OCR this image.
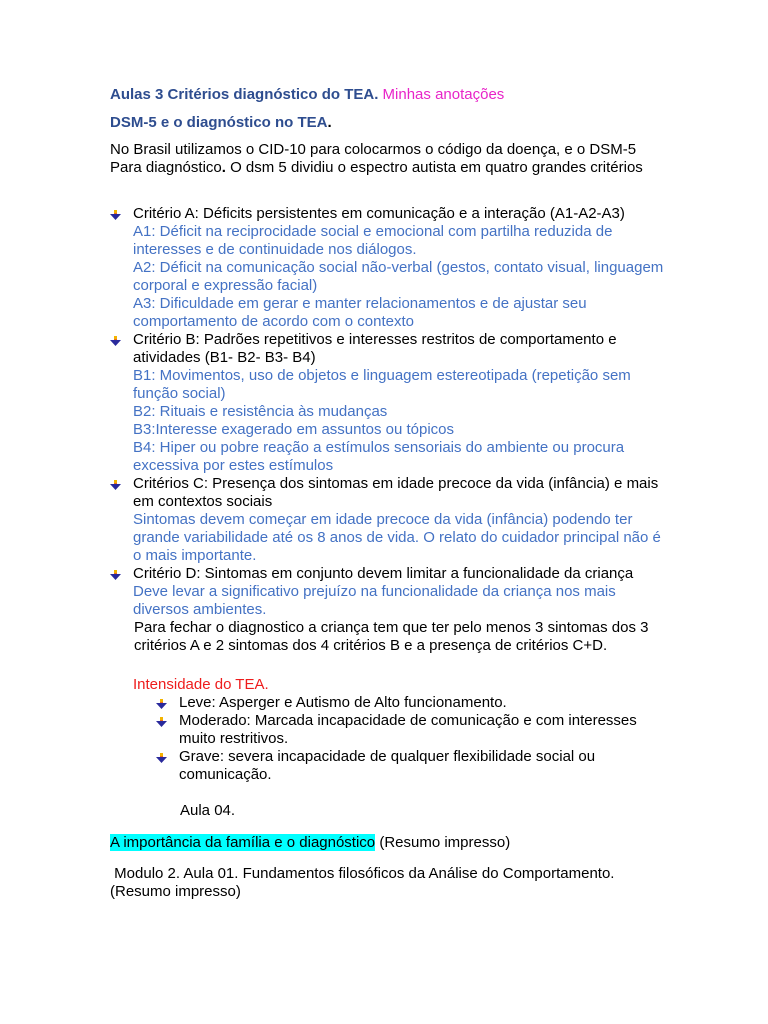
Aulas 3 Critérios diagnóstico do TEA. Minhas anotações
DSM-5 e o diagnóstico no TEA.
No Brasil utilizamos o CID-10 para colocarmos o código da doença, e o DSM-5 Para diagnóstico. O dsm 5 dividiu o espectro autista em quatro grandes critérios
Critério A: Déficits persistentes em comunicação e a interação (A1-A2-A3)
A1: Déficit na reciprocidade social e emocional com partilha reduzida de interesses e de continuidade nos diálogos.
A2: Déficit na comunicação social não-verbal (gestos, contato visual, linguagem corporal e expressão facial)
A3: Dificuldade em gerar e manter relacionamentos e de ajustar seu comportamento de acordo com o contexto
Critério B: Padrões repetitivos e interesses restritos de comportamento e atividades (B1- B2- B3- B4)
B1: Movimentos, uso de objetos e linguagem estereotipada (repetição sem função social)
B2: Rituais e resistência às mudanças
B3:Interesse exagerado em assuntos ou tópicos
B4: Hiper ou pobre reação a estímulos sensoriais do ambiente ou procura excessiva por estes estímulos
Critérios C: Presença dos sintomas em idade precoce da vida (infância) e mais em contextos sociais
Sintomas devem começar em idade precoce da vida (infância) podendo ter grande variabilidade até os 8 anos de vida. O relato do cuidador principal não é o mais importante.
Critério D: Sintomas em conjunto devem limitar a funcionalidade da criança
Deve levar a significativo prejuízo na funcionalidade da criança nos mais diversos ambientes.
Para fechar o diagnostico a criança tem que ter pelo menos 3 sintomas dos 3 critérios A e 2 sintomas dos 4 critérios B e a presença de critérios C+D.
Intensidade do TEA.
Leve: Asperger e Autismo de Alto funcionamento.
Moderado: Marcada incapacidade de comunicação e com interesses muito restritivos.
Grave: severa incapacidade de qualquer flexibilidade social ou comunicação.
Aula 04.
A importância da família e o diagnóstico (Resumo impresso)
Modulo 2. Aula 01. Fundamentos filosóficos da Análise do Comportamento. (Resumo impresso)
